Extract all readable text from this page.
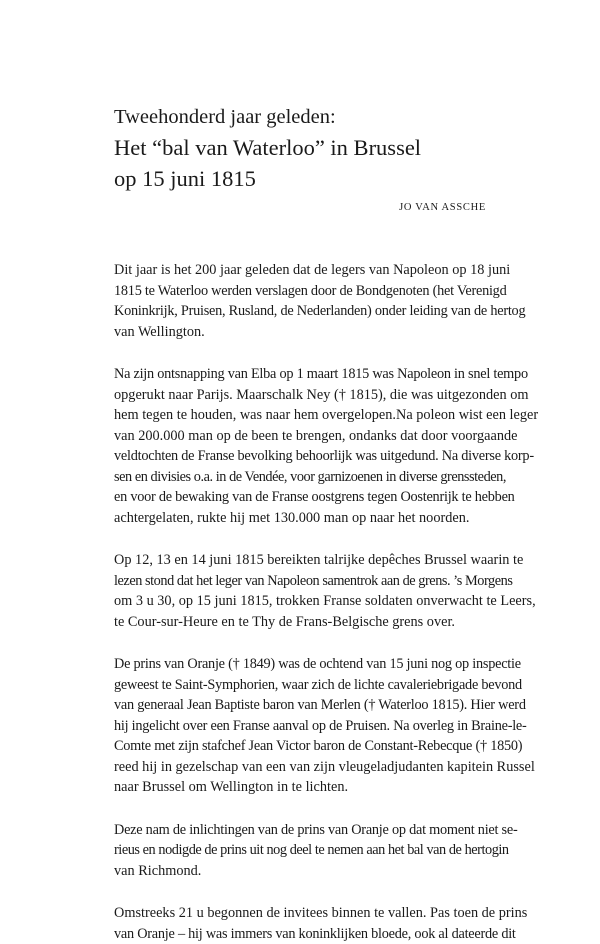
Tweehonderd jaar geleden:
Het “bal van Waterloo” in Brussel
op 15 juni 1815
JO VAN ASSCHE

Dit jaar is het 200 jaar geleden dat de legers van Napoleon op 18 juni
1815 te Waterloo werden verslagen door de Bondgenoten (het Verenigd
Koninkrijk, Pruisen, Rusland, de Nederlanden) onder leiding van de hertog
van Wellington.

Na zijn ontsnapping van Elba op 1 maart 1815 was Napoleon in snel tempo
opgerukt naar Parijs. Maarschalk Ney († 1815), die was uitgezonden om
hem tegen te houden, was naar hem overgelopen.Na poleon wist een leger
van 200.000 man op de been te brengen, ondanks dat door voorgaande
veldtochten de Franse bevolking behoorlijk was uitgedund. Na diverse korp-
sen en divisies o.a. in de Vendée, voor garnizoenen in diverse grenssteden,
en voor de bewaking van de Franse oostgrens tegen Oostenrijk te hebben
achtergelaten, rukte hij met 130.000 man op naar het noorden.

Op 12, 13 en 14 juni 1815 bereikten talrijke depêches Brussel waarin te
lezen stond dat het leger van Napoleon samentrok aan de grens. ’s Morgens
om 3 u 30, op 15 juni 1815, trokken Franse soldaten onverwacht te Leers,
te Cour-sur-Heure en te Thy de Frans-Belgische grens over.

De prins van Oranje († 1849) was de ochtend van 15 juni nog op inspectie
geweest te Saint-Symphorien, waar zich de lichte cavaleriebrigade bevond
van generaal Jean Baptiste baron van Merlen († Waterloo 1815). Hier werd
hij ingelicht over een Franse aanval op de Pruisen. Na overleg in Braine-le-
Comte met zijn stafchef Jean Victor baron de Constant-Rebecque († 1850)
reed hij in gezelschap van een van zijn vleugeladjudanten kapitein Russel
naar Brussel om Wellington in te lichten.

Deze nam de inlichtingen van de prins van Oranje op dat moment niet se-
rieus en nodigde de prins uit nog deel te nemen aan het bal van de hertogin
van Richmond.

Omstreeks 21 u begonnen de invitees binnen te vallen. Pas toen de prins
van Oranje – hij was immers van koninklijken bloede, ook al dateerde dit
